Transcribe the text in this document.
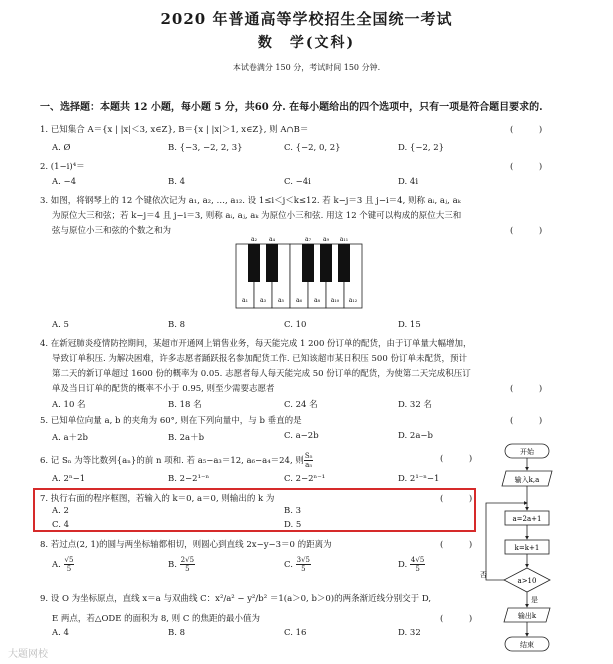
2020 年普通高等学校招生全国统一考试
数　学(文科)
本试卷满分 150 分，考试时间 150 分钟.
一、选择题：本题共 12 小题，每小题 5 分，共60 分. 在每小题给出的四个选项中，只有一项是符合题目要求的.
1. 已知集合 A＝{x | |x|＜3, x∈Z}, B＝{x | |x|＞1, x∈Z}, 则 A∩B＝	(　　　)
A. Ø	B. {−3, −2, 2, 3}	C. {−2, 0, 2}	D. {−2, 2}
2. (1−i)⁴＝	(　　　)
A. −4	B. 4	C. −4i	D. 4i
3. 如图，将钢琴上的 12 个键依次记为 a₁, a₂, …, a₁₂. 设 1≤i＜j＜k≤12. 若 k−j＝3 且 j−i＝4, 则称 aᵢ, aⱼ, aₖ
为原位大三和弦；若 k−j＝4 且 j−i＝3, 则称 aᵢ, aⱼ, aₖ 为原位小三和弦. 用这 12 个键可以构成的原位大三和
弦与原位小三和弦的个数之和为	(　　　)
a₁ a₃ a₅ a₆ a₈ a₁₀ a₁₂
a₂ a₄	a₇ a₉ a₁₁
A. 5	B. 8	C. 10	D. 15
4. 在新冠肺炎疫情防控期间，某超市开通网上销售业务，每天能完成 1 200 份订单的配货，由于订单量大幅增加，
导致订单积压. 为解决困难，许多志愿者踊跃报名参加配货工作. 已知该超市某日积压 500 份订单未配货，预计
第二天的新订单超过 1600 份的概率为 0.05. 志愿者每人每天能完成 50 份订单的配货，为使第二天完成积压订
单及当日订单的配货的概率不小于 0.95, 则至少需要志愿者	(　　　)
A. 10 名	B. 18 名	C. 24 名	D. 32 名
5. 已知单位向量 a, b 的夹角为 60°, 则在下列向量中，与 b 垂直的是	(　　　)
A. a＋2b	B. 2a＋b	C. a−2b	D. 2a−b
6. 记 Sₙ 为等比数列{aₙ}的前 n 项和. 若 a₅−a₃＝12, a₆−a₄＝24, 则 $\frac{\text{S₅}}{\text{a₅}}$	(　　　)
A. 2ⁿ−1	B. 2−2¹⁻ⁿ	C. 2−2ⁿ⁻¹	D. 2¹⁻ⁿ−1
7. 执行右面的程序框图，若输入的 k＝0, a＝0, 则输出的 k 为	(　　　)
A. 2	B. 3
C. 4	D. 5
8. 若过点(2, 1)的圆与两坐标轴都相切，则圆心到直线 2x−y−3＝0 的距离为	(　　　)
A. $\frac{√5}{5}$	B. $\frac{2√5}{5}$	C. $\frac{3√5}{5}$	D. $\frac{4√5}{5}$
9. 设 O 为坐标原点，直线 x＝a 与双曲线 C：x²/a² − y²/b² ＝1(a＞0, b＞0)的两条渐近线分别交于 D,
E 两点，若△ODE 的面积为 8, 则 C 的焦距的最小值为	(　　　)
A. 4	B. 8	C. 16	D. 32
开始
输入k,a
a=2a+1
k=k+1
a>10
否
是
输出k
结束
大题网校
